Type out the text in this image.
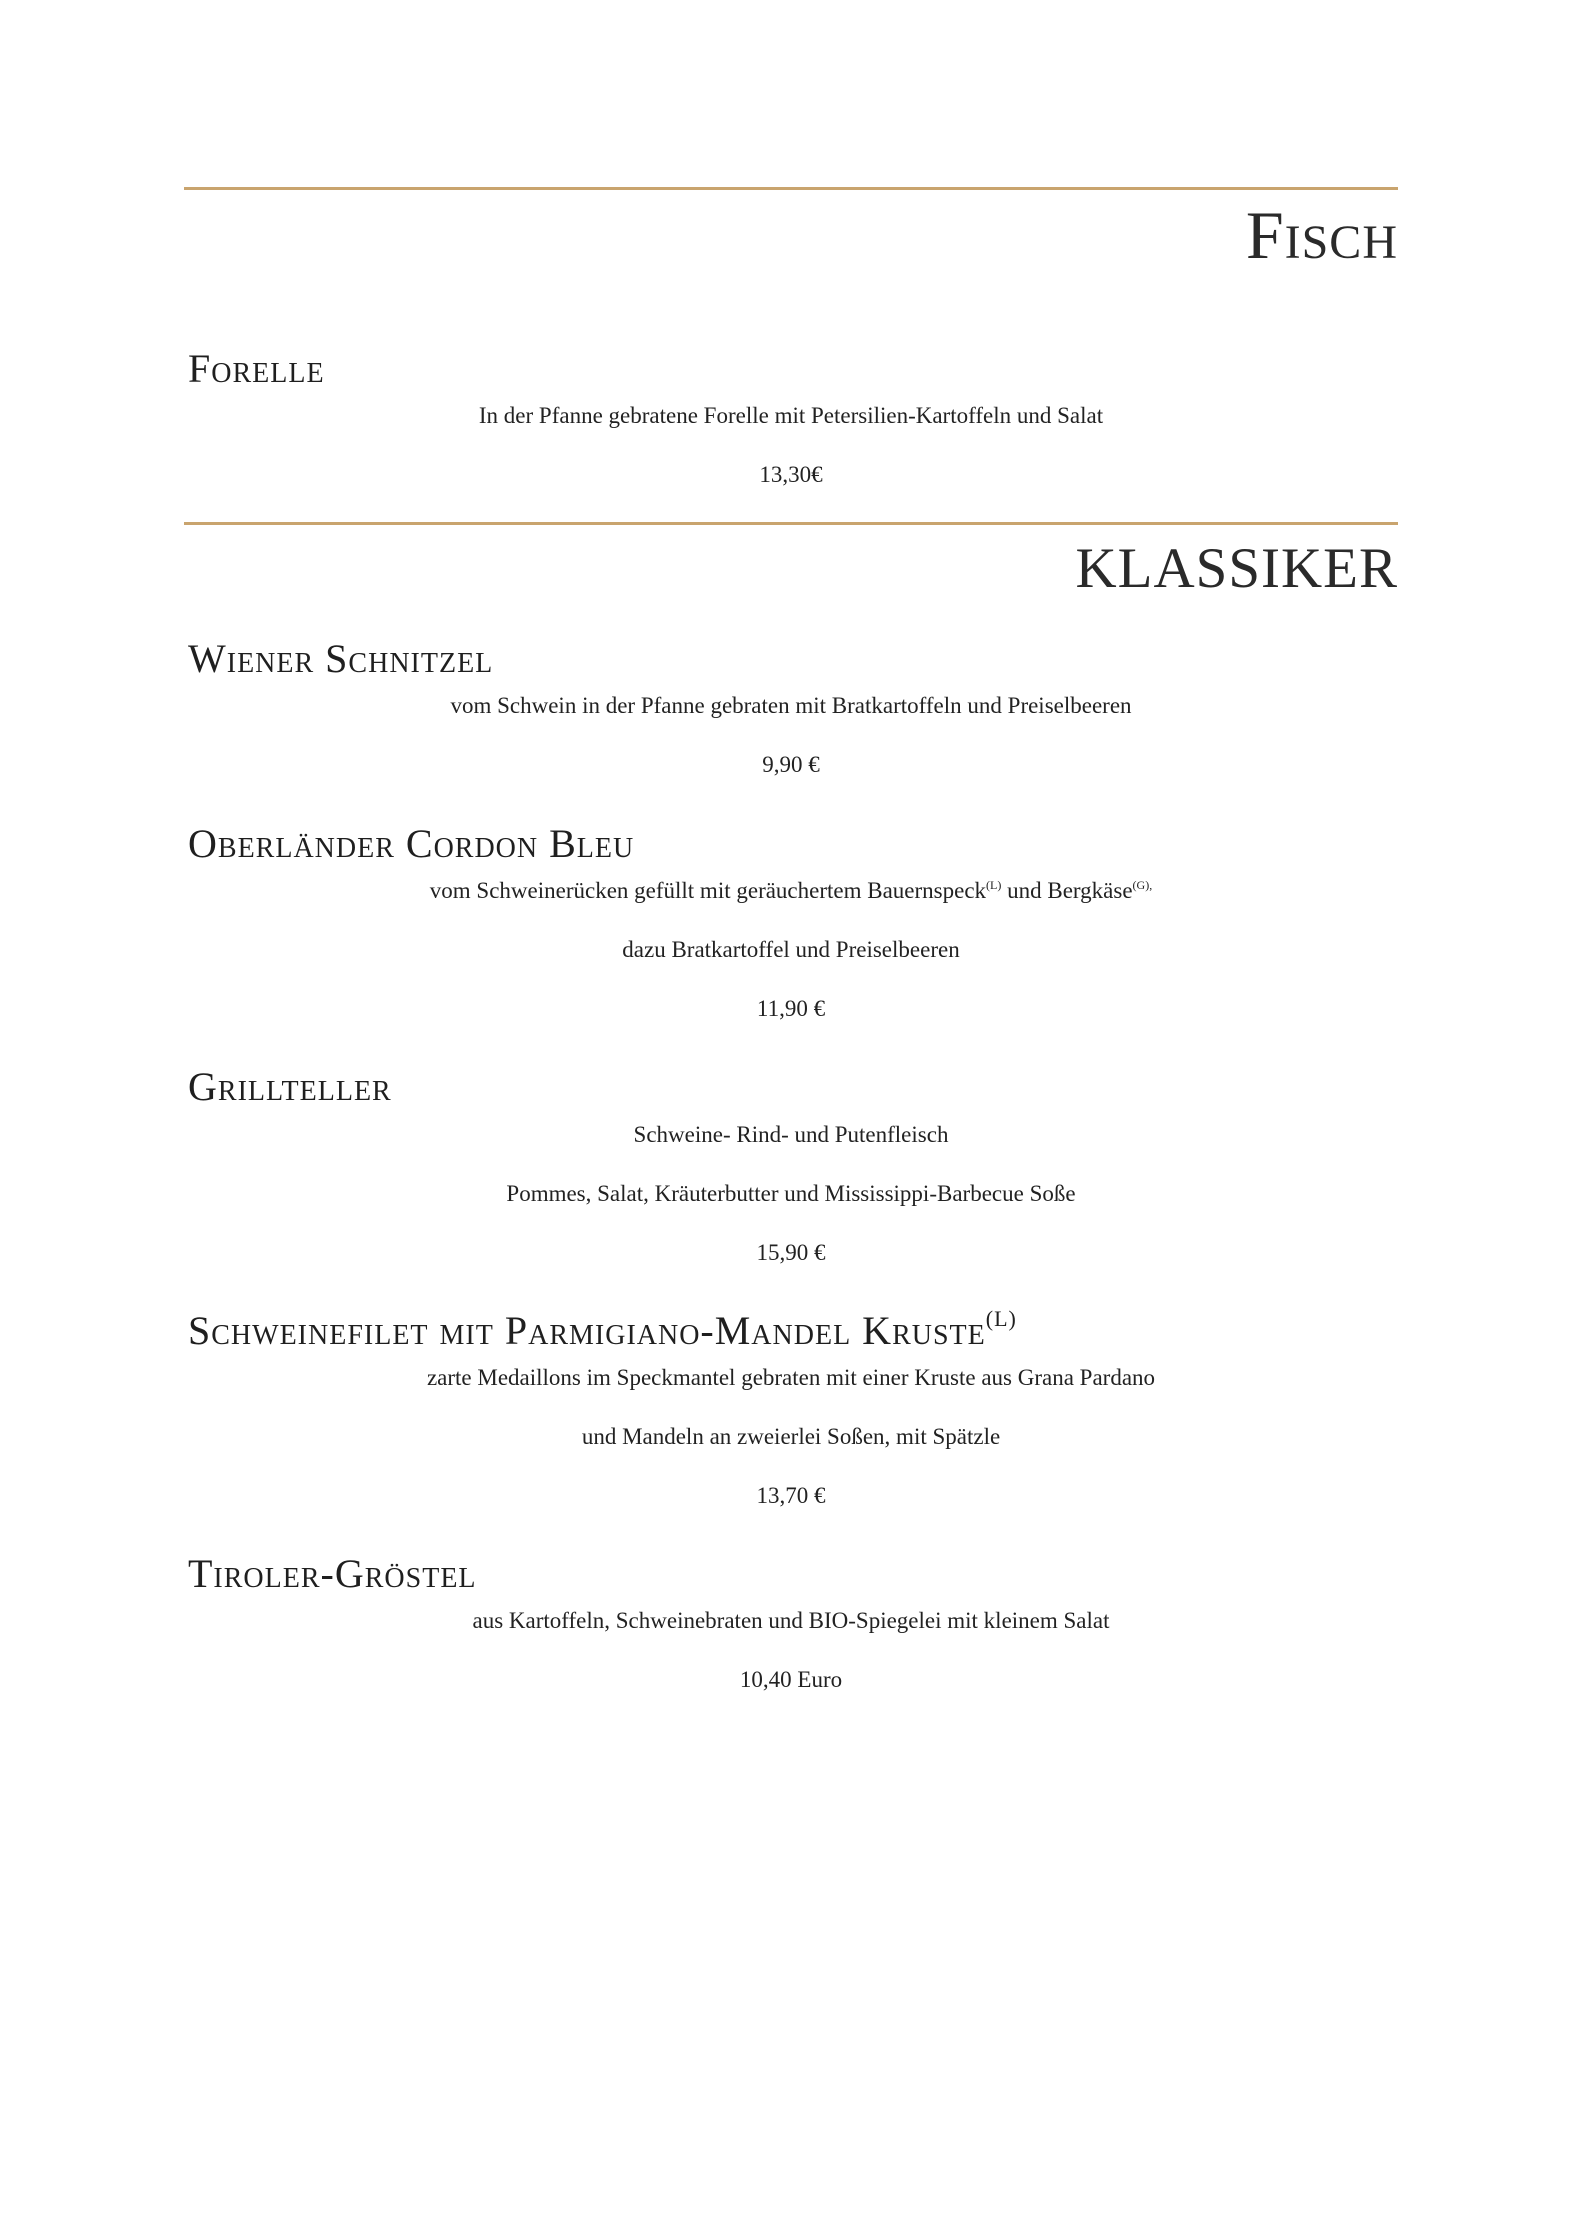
Fisch
Forelle

In der Pfanne gebratene Forelle mit Petersilien-Kartoffeln und Salat

13,30€

KLASSIKER
Wiener Schnitzel

vom Schwein in der Pfanne gebraten mit Bratkartoffeln und Preiselbeeren

9,90 €

Oberländer Cordon Bleu

vom Schweinerücken gefüllt mit geräuchertem Bauernspeck$^{(L)}$ und Bergkäse$^{(G),}$

dazu Bratkartoffel und Preiselbeeren

11,90 €

Grillteller

Schweine- Rind- und Putenfleisch

Pommes, Salat, Kräuterbutter und Mississippi-Barbecue Soße

15,90 €

Schweinefilet mit Parmigiano-Mandel Kruste$^{(L)}$

zarte Medaillons im Speckmantel gebraten mit einer Kruste aus Grana Pardano

und Mandeln an zweierlei Soßen, mit Spätzle

13,70 €

Tiroler-Gröstel

aus Kartoffeln, Schweinebraten und BIO-Spiegelei mit kleinem Salat

10,40 Euro
